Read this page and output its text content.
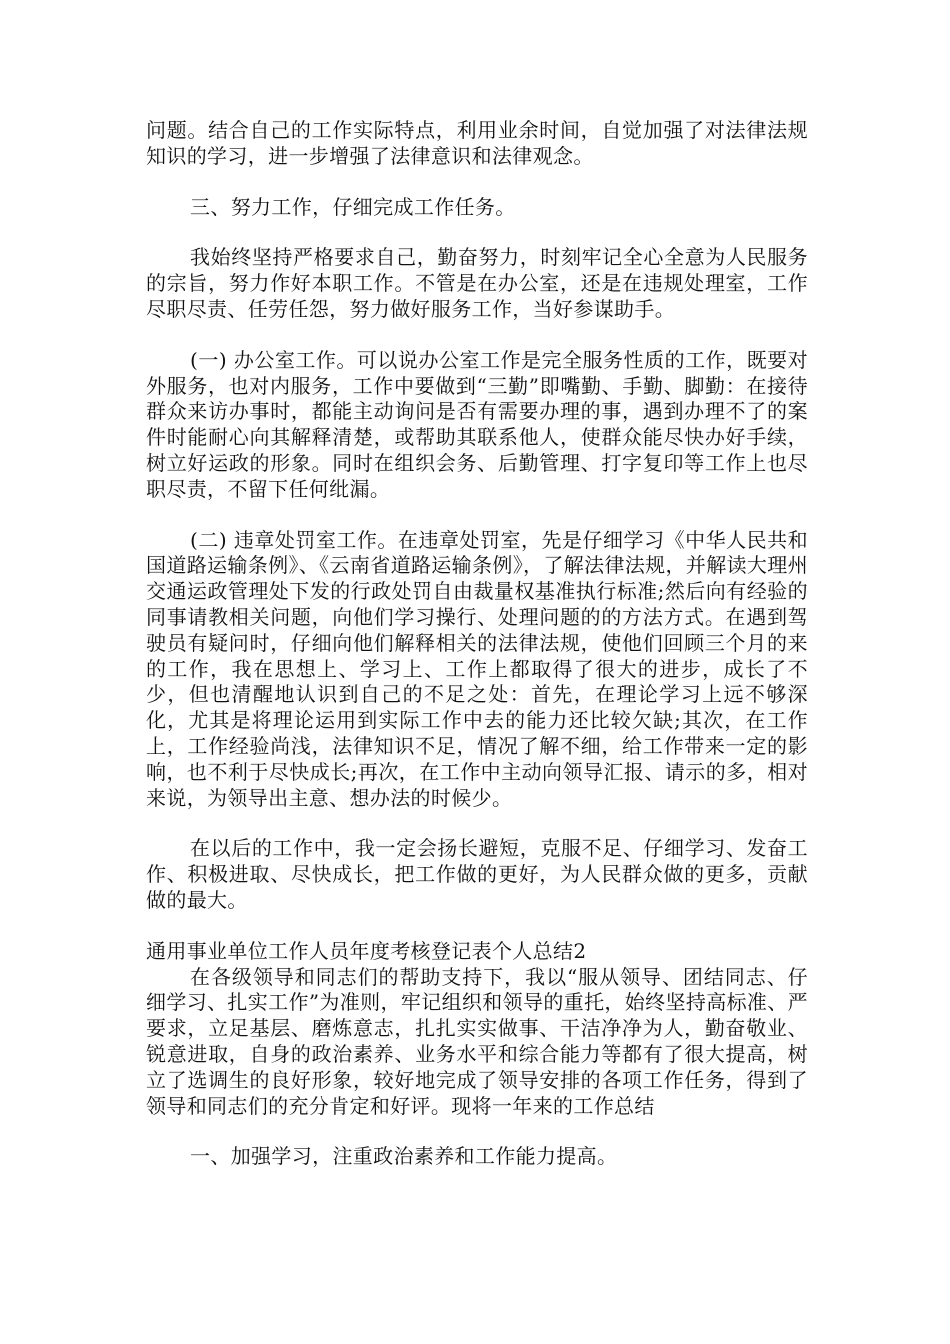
问题。结合自己的工作实际特点，利用业余时间，自觉加强了对法律法规知识的学习，进一步增强了法律意识和法律观念。

三、努力工作，仔细完成工作任务。

我始终坚持严格要求自己，勤奋努力，时刻牢记全心全意为人民服务的宗旨，努力作好本职工作。不管是在办公室，还是在违规处理室，工作尽职尽责、任劳任怨，努力做好服务工作，当好参谋助手。

(一) 办公室工作。可以说办公室工作是完全服务性质的工作，既要对外服务，也对内服务，工作中要做到“三勤”即嘴勤、手勤、脚勤：在接待群众来访办事时，都能主动询问是否有需要办理的事，遇到办理不了的案件时能耐心向其解释清楚，或帮助其联系他人，使群众能尽快办好手续，树立好运政的形象。同时在组织会务、后勤管理、打字复印等工作上也尽职尽责，不留下任何纰漏。

(二) 违章处罚室工作。在违章处罚室，先是仔细学习《中华人民共和国道路运输条例》、《云南省道路运输条例》，了解法律法规，并解读大理州交通运政管理处下发的行政处罚自由裁量权基准执行标准;然后向有经验的同事请教相关问题，向他们学习操行、处理问题的的方法方式。在遇到驾驶员有疑问时，仔细向他们解释相关的法律法规，使他们回顾三个月的来的工作，我在思想上、学习上、工作上都取得了很大的进步，成长了不少，但也清醒地认识到自己的不足之处：首先，在理论学习上远不够深化，尤其是将理论运用到实际工作中去的能力还比较欠缺;其次，在工作上，工作经验尚浅，法律知识不足，情况了解不细，给工作带来一定的影响，也不利于尽快成长;再次，在工作中主动向领导汇报、请示的多，相对来说，为领导出主意、想办法的时候少。

在以后的工作中，我一定会扬长避短，克服不足、仔细学习、发奋工作、积极进取、尽快成长，把工作做的更好，为人民群众做的更多，贡献做的最大。

通用事业单位工作人员年度考核登记表个人总结2

在各级领导和同志们的帮助支持下，我以“服从领导、团结同志、仔细学习、扎实工作”为准则，牢记组织和领导的重托，始终坚持高标准、严要求，立足基层、磨炼意志，扎扎实实做事、干洁净净为人，勤奋敬业、锐意进取，自身的政治素养、业务水平和综合能力等都有了很大提高，树立了选调生的良好形象，较好地完成了领导安排的各项工作任务，得到了领导和同志们的充分肯定和好评。现将一年来的工作总结

一、加强学习，注重政治素养和工作能力提高。
